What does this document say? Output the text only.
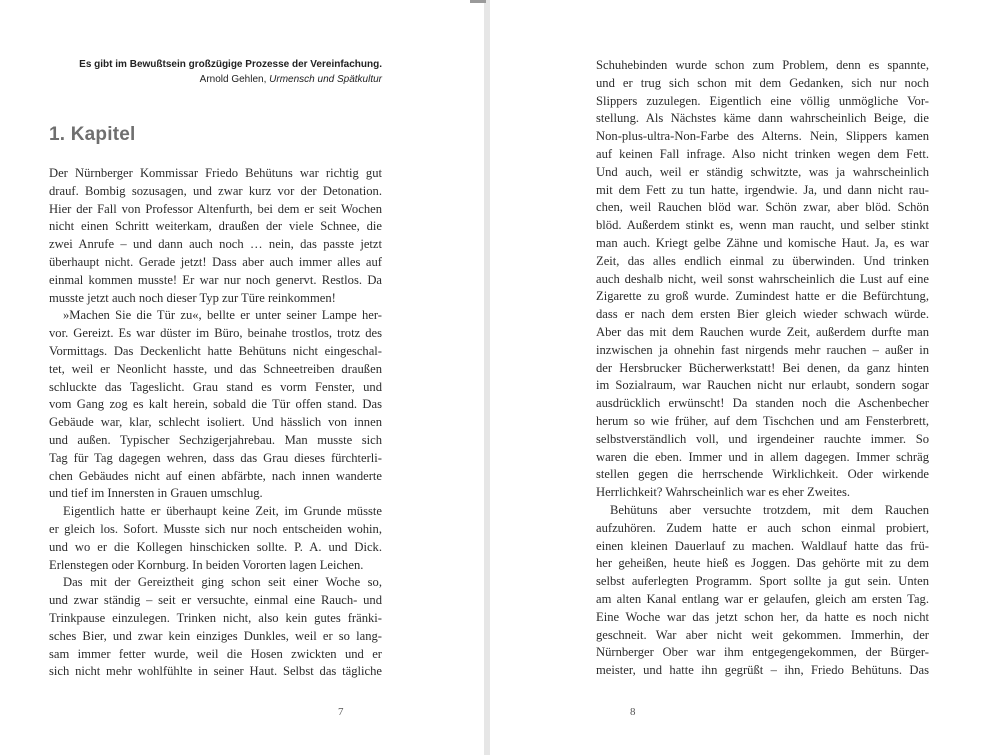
Es gibt im Bewußtsein großzügige Prozesse der Vereinfachung.
Arnold Gehlen, Urmensch und Spätkultur
1. Kapitel
Der Nürnberger Kommissar Friedo Behütuns war richtig gut
drauf. Bombig sozusagen, und zwar kurz vor der Detonation.
Hier der Fall von Professor Altenfurth, bei dem er seit Wochen
nicht einen Schritt weiterkam, draußen der viele Schnee, die
zwei Anrufe – und dann auch noch … nein, das passte jetzt
überhaupt nicht. Gerade jetzt! Dass aber auch immer alles auf
einmal kommen musste! Er war nur noch genervt. Restlos. Da
musste jetzt auch noch dieser Typ zur Türe reinkommen!
»Machen Sie die Tür zu«, bellte er unter seiner Lampe her-
vor. Gereizt. Es war düster im Büro, beinahe trostlos, trotz des
Vormittags. Das Deckenlicht hatte Behütuns nicht eingeschal-
tet, weil er Neonlicht hasste, und das Schneetreiben draußen
schluckte das Tageslicht. Grau stand es vorm Fenster, und
vom Gang zog es kalt herein, sobald die Tür offen stand. Das
Gebäude war, klar, schlecht isoliert. Und hässlich von innen
und außen. Typischer Sechzigerjahrebau. Man musste sich
Tag für Tag dagegen wehren, dass das Grau dieses fürchterli-
chen Gebäudes nicht auf einen abfärbte, nach innen wanderte
und tief im Innersten in Grauen umschlug.
Eigentlich hatte er überhaupt keine Zeit, im Grunde müsste
er gleich los. Sofort. Musste sich nur noch entscheiden wohin,
und wo er die Kollegen hinschicken sollte. P. A. und Dick.
Erlenstegen oder Kornburg. In beiden Vororten lagen Leichen.
Das mit der Gereiztheit ging schon seit einer Woche so,
und zwar ständig – seit er versuchte, einmal eine Rauch- und
Trinkpause einzulegen. Trinken nicht, also kein gutes fränki-
sches Bier, und zwar kein einziges Dunkles, weil er so lang-
sam immer fetter wurde, weil die Hosen zwickten und er
sich nicht mehr wohlfühlte in seiner Haut. Selbst das tägliche
7
Schuhebinden wurde schon zum Problem, denn es spannte,
und er trug sich schon mit dem Gedanken, sich nur noch
Slippers zuzulegen. Eigentlich eine völlig unmögliche Vor-
stellung. Als Nächstes käme dann wahrscheinlich Beige, die
Non-plus-ultra-Non-Farbe des Alterns. Nein, Slippers kamen
auf keinen Fall infrage. Also nicht trinken wegen dem Fett.
Und auch, weil er ständig schwitzte, was ja wahrscheinlich
mit dem Fett zu tun hatte, irgendwie. Ja, und dann nicht rau-
chen, weil Rauchen blöd war. Schön zwar, aber blöd. Schön
blöd. Außerdem stinkt es, wenn man raucht, und selber stinkt
man auch. Kriegt gelbe Zähne und komische Haut. Ja, es war
Zeit, das alles endlich einmal zu überwinden. Und trinken
auch deshalb nicht, weil sonst wahrscheinlich die Lust auf eine
Zigarette zu groß wurde. Zumindest hatte er die Befürchtung,
dass er nach dem ersten Bier gleich wieder schwach würde.
Aber das mit dem Rauchen wurde Zeit, außerdem durfte man
inzwischen ja ohnehin fast nirgends mehr rauchen – außer in
der Hersbrucker Bücherwerkstatt! Bei denen, da ganz hinten
im Sozialraum, war Rauchen nicht nur erlaubt, sondern sogar
ausdrücklich erwünscht! Da standen noch die Aschenbecher
herum so wie früher, auf dem Tischchen und am Fensterbrett,
selbstverständlich voll, und irgendeiner rauchte immer. So
waren die eben. Immer und in allem dagegen. Immer schräg
stellen gegen die herrschende Wirklichkeit. Oder wirkende
Herrlichkeit? Wahrscheinlich war es eher Zweites.
Behütuns aber versuchte trotzdem, mit dem Rauchen
aufzuhören. Zudem hatte er auch schon einmal probiert,
einen kleinen Dauerlauf zu machen. Waldlauf hatte das frü-
her geheißen, heute hieß es Joggen. Das gehörte mit zu dem
selbst auferlegten Programm. Sport sollte ja gut sein. Unten
am alten Kanal entlang war er gelaufen, gleich am ersten Tag.
Eine Woche war das jetzt schon her, da hatte es noch nicht
geschneit. War aber nicht weit gekommen. Immerhin, der
Nürnberger Ober war ihm entgegengekommen, der Bürger-
meister, und hatte ihn gegrüßt – ihn, Friedo Behütuns. Das
8
